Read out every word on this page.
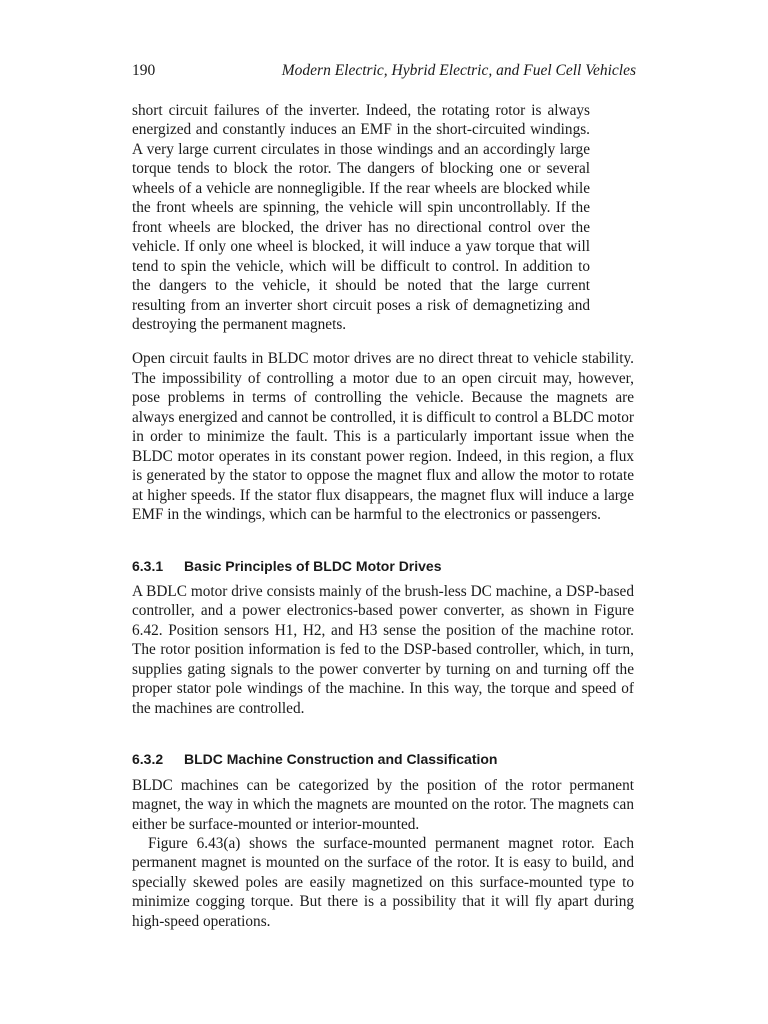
190	Modern Electric, Hybrid Electric, and Fuel Cell Vehicles

short circuit failures of the inverter. Indeed, the rotating rotor is always energized and constantly induces an EMF in the short-circuited windings. A very large current circulates in those windings and an accordingly large torque tends to block the rotor. The dangers of blocking one or several wheels of a vehicle are nonnegligible. If the rear wheels are blocked while the front wheels are spinning, the vehicle will spin uncontrollably. If the front wheels are blocked, the driver has no directional control over the vehicle. If only one wheel is blocked, it will induce a yaw torque that will tend to spin the vehicle, which will be difficult to control. In addition to the dangers to the vehicle, it should be noted that the large current resulting from an inverter short circuit poses a risk of demagnetizing and destroying the permanent magnets.

Open circuit faults in BLDC motor drives are no direct threat to vehicle stability. The impossibility of controlling a motor due to an open circuit may, however, pose problems in terms of controlling the vehicle. Because the magnets are always energized and cannot be controlled, it is difficult to control a BLDC motor in order to minimize the fault. This is a particularly important issue when the BLDC motor operates in its constant power region. Indeed, in this region, a flux is generated by the stator to oppose the magnet flux and allow the motor to rotate at higher speeds. If the stator flux disappears, the magnet flux will induce a large EMF in the windings, which can be harmful to the electronics or passengers.

6.3.1 Basic Principles of BLDC Motor Drives

A BDLC motor drive consists mainly of the brush-less DC machine, a DSP-based controller, and a power electronics-based power converter, as shown in Figure 6.42. Position sensors H1, H2, and H3 sense the position of the machine rotor. The rotor position information is fed to the DSP-based controller, which, in turn, supplies gating signals to the power converter by turning on and turning off the proper stator pole windings of the machine. In this way, the torque and speed of the machines are controlled.

6.3.2 BLDC Machine Construction and Classification

BLDC machines can be categorized by the position of the rotor permanent magnet, the way in which the magnets are mounted on the rotor. The magnets can either be surface-mounted or interior-mounted.

Figure 6.43(a) shows the surface-mounted permanent magnet rotor. Each permanent magnet is mounted on the surface of the rotor. It is easy to build, and specially skewed poles are easily magnetized on this surface-mounted type to minimize cogging torque. But there is a possibility that it will fly apart during high-speed operations.
